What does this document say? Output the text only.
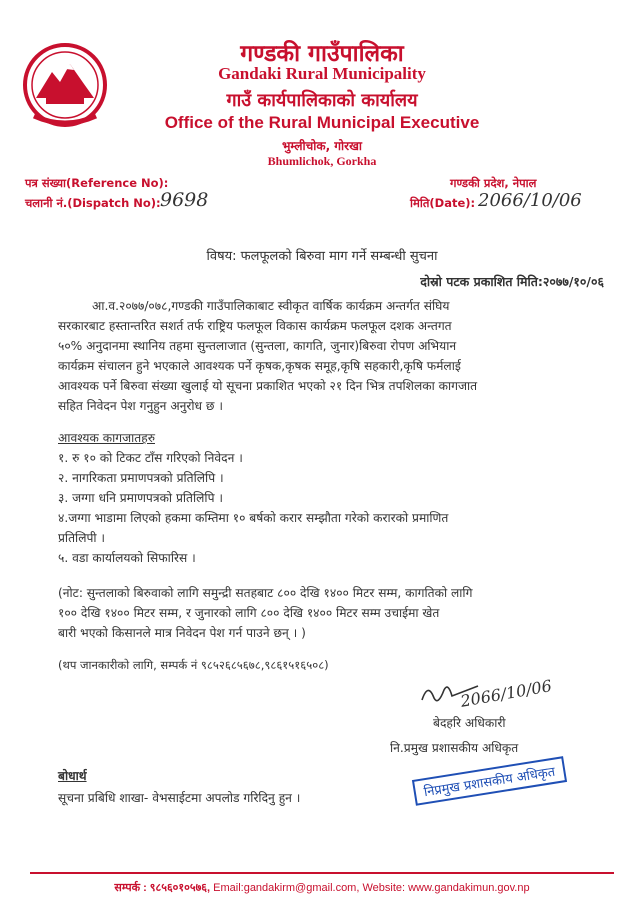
गण्डकी गाउँपालिका
Gandaki Rural Municipality
गाउँ कार्यपालिकाको कार्यालय
Office of the Rural Municipal Executive
भुम्लीचोक, गोरखा
Bhumlichok, Gorkha
पत्र संख्या(Reference No):
चलानी नं.(Dispatch No): 9698
गण्डकी प्रदेश, नेपाल
मिति(Date): 2066/10/06
विषय: फलफूलको बिरुवा माग गर्ने सम्बन्धी सुचना
दोस्रो पटक प्रकाशित मिति:२०७७/१०/०६
आ.व.२०७७/०७८,गण्डकी गाउँपालिकाबाट स्वीकृत वार्षिक कार्यक्रम अन्तर्गत संघिय
सरकारबाट हस्तान्तरित सशर्त तर्फ राष्ट्रिय फलफूल विकास कार्यक्रम फलफूल दशक अन्तगत
५०% अनुदानमा स्थानिय तहमा सुन्तलाजात (सुन्तला, कागति, जुनार)बिरुवा रोपण अभियान
कार्यक्रम संचालन हुने भएकाले आवश्यक पर्ने कृषक,कृषक समूह,कृषि सहकारी,कृषि फर्मलाई
आवश्यक पर्ने बिरुवा संख्या खुलाई यो सूचना प्रकाशित भएको २१ दिन भित्र तपशिलका कागजात
सहित निवेदन पेश गनुहुन अनुरोध छ ।
आवश्यक कागजातहरु
१. रु १० को टिकट टाँस गरिएको निवेदन ।
२. नागरिकता प्रमाणपत्रको प्रतिलिपि ।
३. जग्गा धनि प्रमाणपत्रको प्रतिलिपि ।
४.जग्गा भाडामा लिएको हकमा कम्तिमा १० बर्षको करार सम्झौता गरेको करारको प्रमाणित
प्रतिलिपी ।
५. वडा कार्यालयको सिफारिस ।
(नोट: सुन्तलाको बिरुवाको लागि समुन्द्री सतहबाट ८०० देखि १४०० मिटर सम्म, कागतिको लागि
१०० देखि १४०० मिटर सम्म, र जुनारको लागि ८०० देखि १४०० मिटर सम्म उचाईमा खेत
बारी भएको किसानले मात्र निवेदन पेश गर्न पाउने छन् । )
(थप जानकारीको लागि, सम्पर्क नं ९८५२६८५६७८,९८६१५१६५०८)
2066/10/06
बेदहरि अधिकारी
नि.प्रमुख प्रशासकीय अधिकृत
निप्रमुख प्रशासकीय अधिकृत
बोधार्थ
सूचना प्रबिधि शाखा- वेभसाईटमा अपलोड गरिदिनु हुन ।
सम्पर्क : ९८५६०१०५७६, Email:gandakirm@gmail.com, Website: www.gandakimun.gov.np
